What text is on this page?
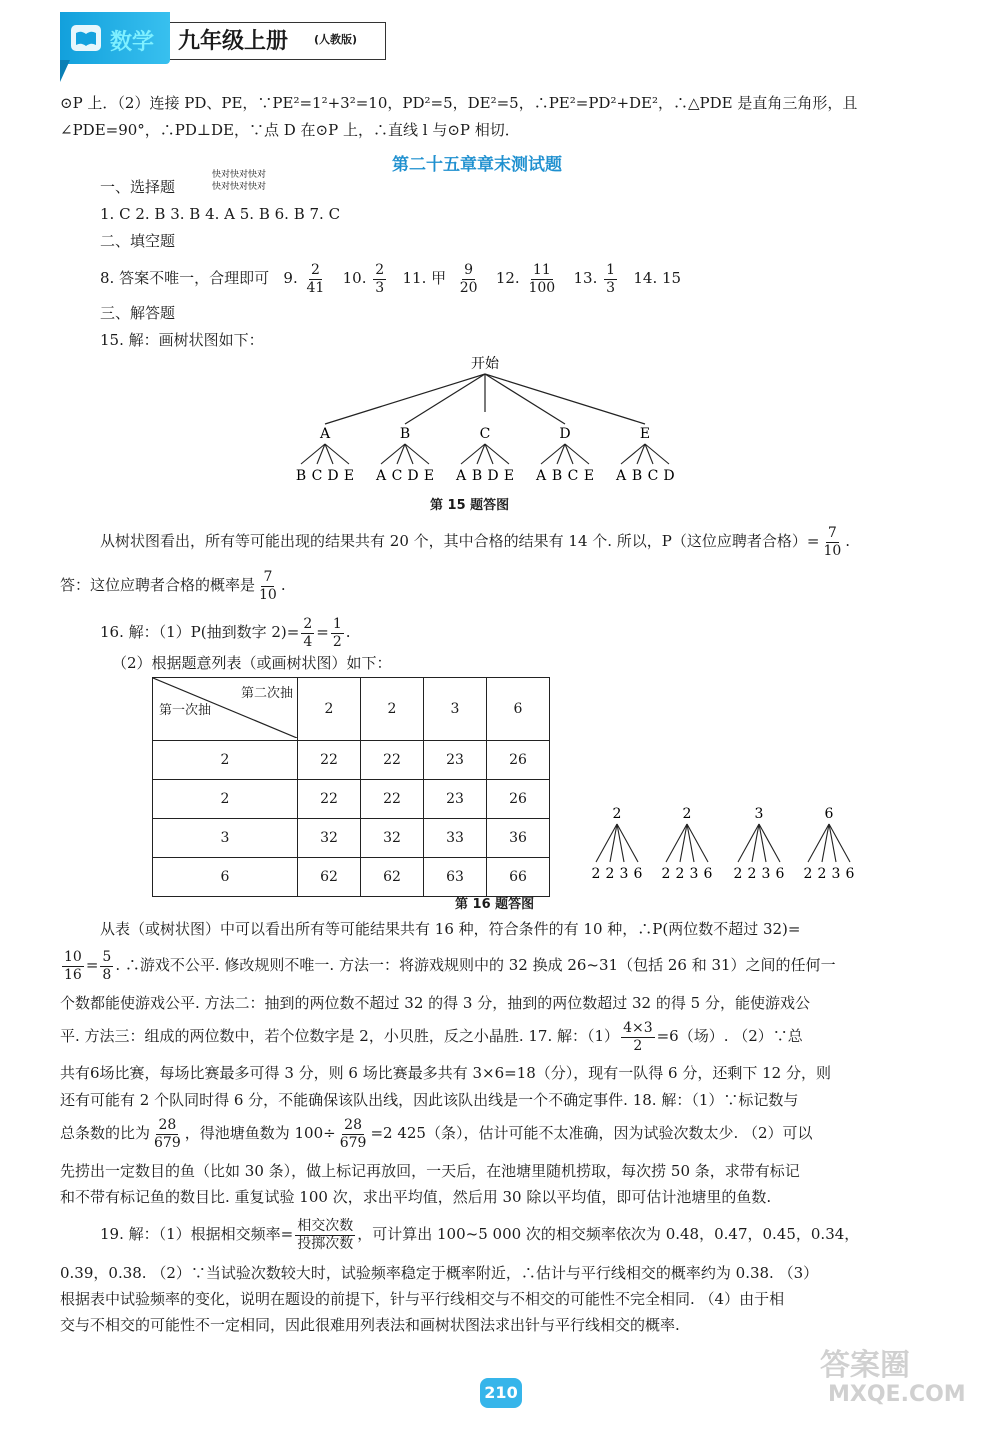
数学 九年级上册 (人教版)
⊙P 上．（2）连接 PD、PE，∵PE²=1²+3²=10，PD²=5，DE²=5，∴PE²=PD²+DE²，∴△PDE 是直角三角形，且
∠PDE=90°，∴PD⊥DE，∵点 D 在⊙P 上，∴直线 l 与⊙P 相切．
第二十五章章末测试题
快对快对快对
快对快对快对
一、选择题
1. C 2. B 3. B 4. A 5. B 6. B 7. C
二、填空题
8. 答案不唯一，合理即可 9. $\frac{2}{41} 10$. $\frac{2}{3} 11$. 甲 $\frac{9}{20} 12$. $\frac{11}{100} 13$. $\frac{1}{3} 14$. 15
三、解答题
15. 解：画树状图如下：
开始
A
B C D E
B
A C D E
C
A B D E
D
A B C E
E
A B C D
第 15 题答图
从树状图看出，所有等可能出现的结果共有 20 个，其中合格的结果有 14 个. 所以，P（这位应聘者合格）= $\frac{7}{10}$ .
答：这位应聘者合格的概率是 $\frac{7}{10}$ .
16. 解：（1）P(抽到数字 $2)= \frac{2}{4} = \frac{1}{2}$ .
（2）根据题意列表（或画树状图）如下：
第二次抽
第一次抽	2	2	3	6
2	22	22	23	26
2	22	22	23	26
3	32	32	33	36
6	62	62	63	66
2
2 2 3 6
2
2 2 3 6
3
2 2 3 6
6
2 2 3 6
第 16 题答图
从表（或树状图）中可以看出所有等可能结果共有 16 种，符合条件的有 10 种，∴P(两位数不超过 32)=
$\frac{10}{16} = \frac{5}{8}$ . ∴游戏不公平. 修改规则不唯一. 方法一：将游戏规则中的 32 换成 26~31（包括 26 和 31）之间的任何一
个数都能使游戏公平. 方法二：抽到的两位数不超过 32 的得 3 分，抽到的两位数超过 32 的得 5 分，能使游戏公
平. 方法三：组成的两位数中，若个位数字是 2，小贝胜，反之小晶胜. 17. 解：$(1) \frac{4\times 3}{2} =6$（场）. （2）∵总
共有6场比赛，每场比赛最多可得 3 分，则 6 场比赛最多共有 3×6=18（分），现有一队得 6 分，还剩下 12 分，则
还有可能有 2 个队同时得 6 分，不能确保该队出线，因此该队出线是一个不确定事件. 18. 解：（1）∵标记数与
总条数的比为 $\frac{28}{679}$ ，得池塘鱼数为 $100\div \frac{28}{679} =2$ 425（条），估计可能不太准确，因为试验次数太少. （2）可以
先捞出一定数目的鱼（比如 30 条），做上标记再放回，一天后，在池塘里随机捞取，每次捞 50 条，求带有标记
和不带有标记鱼的数目比. 重复试验 100 次，求出平均值，然后用 30 除以平均值，即可估计池塘里的鱼数.
19. 解：（1）根据相交频率= $\frac{\text{相交次数}}{\text{投掷次数}}$ ，可计算出 100~5 000 次的相交频率依次为 0.48，0.47，0.45，0.34，
0.39，0.38. （2）∵当试验次数较大时，试验频率稳定于概率附近，∴估计与平行线相交的概率约为 0.38. （3）
根据表中试验频率的变化，说明在题设的前提下，针与平行线相交与不相交的可能性不完全相同. （4）由于相
交与不相交的可能性不一定相同，因此很难用列表法和画树状图法求出针与平行线相交的概率.
210
答案圈
MXQE.COM
